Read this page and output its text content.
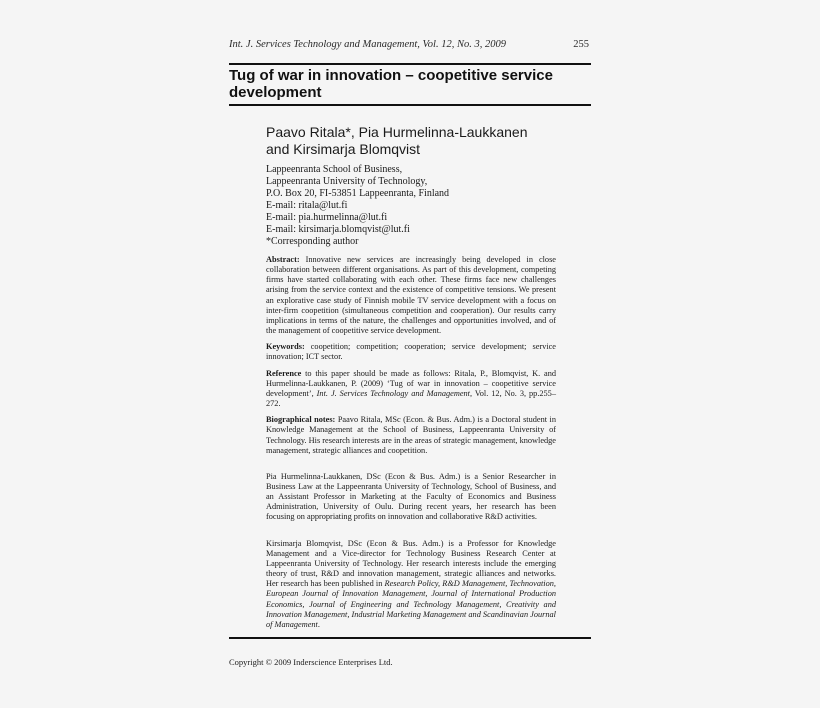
Int. J. Services Technology and Management, Vol. 12, No. 3, 2009	255
Tug of war in innovation – coopetitive service development
Paavo Ritala*, Pia Hurmelinna-Laukkanen
and Kirsimarja Blomqvist
Lappeenranta School of Business,
Lappeenranta University of Technology,
P.O. Box 20, FI-53851 Lappeenranta, Finland
E-mail: ritala@lut.fi
E-mail: pia.hurmelinna@lut.fi
E-mail: kirsimarja.blomqvist@lut.fi
*Corresponding author

Abstract: Innovative new services are increasingly being developed in close collaboration between different organisations. As part of this development, competing firms have started collaborating with each other. These firms face new challenges arising from the service context and the existence of competitive tensions. We present an explorative case study of Finnish mobile TV service development with a focus on inter-firm coopetition (simultaneous competition and cooperation). Our results carry implications in terms of the nature, the challenges and opportunities involved, and of the management of coopetitive service development.

Keywords: coopetition; competition; cooperation; service development; service innovation; ICT sector.

Reference to this paper should be made as follows: Ritala, P., Blomqvist, K. and Hurmelinna-Laukkanen, P. (2009) ‘Tug of war in innovation – coopetitive service development’, Int. J. Services Technology and Management, Vol. 12, No. 3, pp.255–272.

Biographical notes: Paavo Ritala, MSc (Econ. & Bus. Adm.) is a Doctoral student in Knowledge Management at the School of Business, Lappeenranta University of Technology. His research interests are in the areas of strategic management, knowledge management, strategic alliances and coopetition.

Pia Hurmelinna-Laukkanen, DSc (Econ & Bus. Adm.) is a Senior Researcher in Business Law at the Lappeenranta University of Technology, School of Business, and an Assistant Professor in Marketing at the Faculty of Economics and Business Administration, University of Oulu. During recent years, her research has been focusing on appropriating profits on innovation and collaborative R&D activities.

Kirsimarja Blomqvist, DSc (Econ & Bus. Adm.) is a Professor for Knowledge Management and a Vice-director for Technology Business Research Center at Lappeenranta University of Technology. Her research interests include the emerging theory of trust, R&D and innovation management, strategic alliances and networks. Her research has been published in Research Policy, R&D Management, Technovation, European Journal of Innovation Management, Journal of International Production Economics, Journal of Engineering and Technology Management, Creativity and Innovation Management, Industrial Marketing Management and Scandinavian Journal of Management.

Copyright © 2009 Inderscience Enterprises Ltd.
